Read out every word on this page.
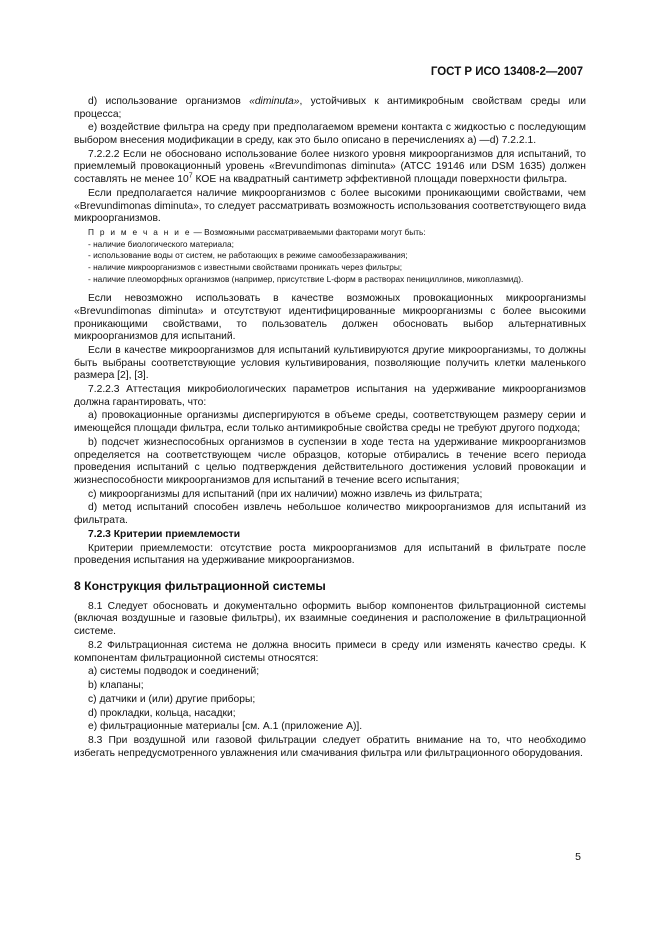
ГОСТ Р ИСО 13408-2—2007

d) использование организмов «diminuta», устойчивых к антимикробным свойствам среды или процесса;

е) воздействие фильтра на среду при предполагаемом времени контакта с жидкостью с последующим выбором внесения модификации в среду, как это было описано в перечислениях а) —d) 7.2.2.1.

7.2.2.2 Если не обосновано использование более низкого уровня микроорганизмов для испытаний, то приемлемый провокационный уровень «Brevundimonas diminuta» (АТСС 19146 или DSM 1635) должен составлять не менее $10^7$ КОЕ на квадратный сантиметр эффективной площади поверхности фильтра.

Если предполагается наличие микроорганизмов с более высокими проникающими свойствами, чем «Brevundimonas diminuta», то следует рассматривать возможность использования соответствующего вида микроорганизмов.

П р и м е ч а н и е — Возможными рассматриваемыми факторами могут быть:

- наличие биологического материала;

- использование воды от систем, не работающих в режиме самообеззараживания;

- наличие микроорганизмов с известными свойствами проникать через фильтры;

- наличие плеоморфных организмов (например, присутствие L-форм в растворах пенициллинов, микоплазмид).

Если невозможно использовать в качестве возможных провокационных микроорганизмы «Brevundimonas diminuta» и отсутствуют идентифицированные микроорганизмы с более высокими проникающими свойствами, то пользователь должен обосновать выбор альтернативных микроорганизмов для испытаний.

Если в качестве микроорганизмов для испытаний культивируются другие микроорганизмы, то должны быть выбраны соответствующие условия культивирования, позволяющие получить клетки маленького размера [2], [3].

7.2.2.3 Аттестация микробиологических параметров испытания на удерживание микроорганизмов должна гарантировать, что:

а) провокационные организмы диспергируются в объеме среды, соответствующем размеру серии и имеющейся площади фильтра, если только антимикробные свойства среды не требуют другого подхода;

b) подсчет жизнеспособных организмов в суспензии в ходе теста на удерживание микроорганизмов определяется на соответствующем числе образцов, которые отбирались в течение всего периода проведения испытаний с целью подтверждения действительного достижения условий провокации и жизнеспособности микроорганизмов для испытаний в течение всего испытания;

с) микроорганизмы для испытаний (при их наличии) можно извлечь из фильтрата;

d) метод испытаний способен извлечь небольшое количество микроорганизмов для испытаний из фильтрата.

7.2.3 Критерии приемлемости

Критерии приемлемости: отсутствие роста микроорганизмов для испытаний в фильтрате после проведения испытания на удерживание микроорганизмов.

8 Конструкция фильтрационной системы

8.1 Следует обосновать и документально оформить выбор компонентов фильтрационной системы (включая воздушные и газовые фильтры), их взаимные соединения и расположение в фильтрационной системе.

8.2 Фильтрационная система не должна вносить примеси в среду или изменять качество среды. К компонентам фильтрационной системы относятся:

а) системы подводок и соединений;

b) клапаны;

с) датчики и (или) другие приборы;

d) прокладки, кольца, насадки;

е) фильтрационные материалы [см. А.1 (приложение А)].

8.3 При воздушной или газовой фильтрации следует обратить внимание на то, что необходимо избегать непредусмотренного увлажнения или смачивания фильтра или фильтрационного оборудования.

5
